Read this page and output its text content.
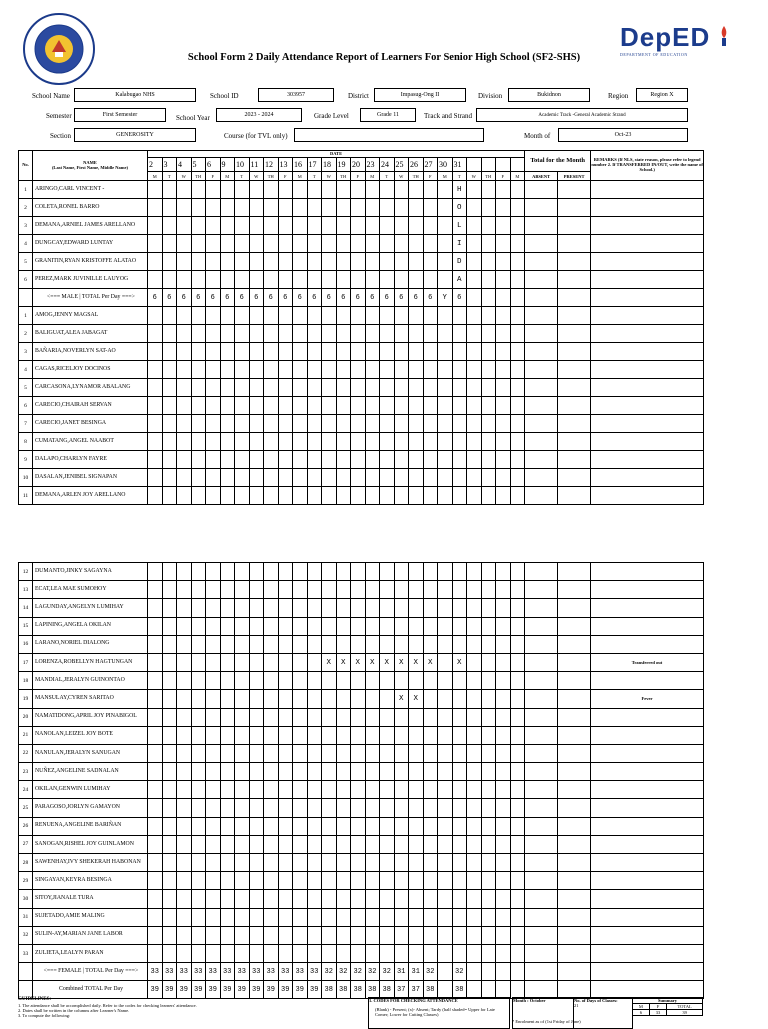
School Form 2 Daily Attendance Report of Learners For Senior High School (SF2-SHS)
DepED
DEPARTMENT OF EDUCATION
School Name	Kalabugao NHS	School ID	303957	District	Impasug-Ong II	Division	Bukidnon	Region	Region X
Semester	First Semester	School Year	2023 - 2024	Grade Level	Grade 11	Track and Strand	Academic Track -General Academic Strand
Section	GENEROSITY	Course (for TVL only)	Month of	Oct-23
No.	NAME
(Last Name, First Name, Middle Name)	DATE																										Total for the Month		REMARKS (If NLS, state reason, please refer to legend number 2. If TRANSFERRED IN/OUT, write the name of School.)
		2	3	4	5	6	9	10	11	12	13	16	17	18	19	20	23	24	25	26	27	30	31							
		M	T	W	TH	F	M	T	W	TH	F	M	T	W	TH	F	M	T	W	TH	F	M	T	W	TH	F	M	ABSENT	PRESENT	
1	ARINGO,CARL VINCENT -																						H							
2	COLETA,RONEL BARRO																						O							
3	DEMANA,ARNIEL JAMES ARELLANO																						L							
4	DUNGCAY,EDWARD LUNTAY																						I							
5	GRANITIN,RYAN KRISTOFFE ALATAO																						D							
6	PEREZ,MARK JUVINILLE LAUYOG																						A							
	<=== MALE | TOTAL Per Day ===>	6	6	6	6	6	6	6	6	6	6	6	6	6	6	6	6	6	6	6	6	Y	6							
1	AMOG,JENNY MAGSAL																													
2	BALIGUAT,ALEA JABAGAT																													
3	BAÑARIA,NOVERLYN SAT-AO																													
4	CAGAS,RICELJOY DOCINOS																													
5	CARCASONA,LYNAMOR ABALANG																													
6	CARECIO,CHAIRAH SERVAN																													
7	CARECIO,JANET BESINGA																													
8	CUMATANG,ANGEL NAABOT																													
9	DALAPO,CHARLYN FAYRE																													
10	DASALAN,JENIBEL SIGNAPAN																													
11	DEMANA,ARLEN JOY ARELLANO																													
12	DUMANTO,JINKY SAGAYNA																													
13	ECAT,LEA MAE SUMOHOY																													
14	LAGUNDAY,ANGELYN LUMIHAY																													
15	LAPINING,ANGELA OKILAN																													
16	LARANO,NORIEL DIALONG																													
17	LORENZA,ROBELLYN HAGTUNGAN													X	X	X	X	X	X	X	X		X							Transferred out
18	MANDIAL,JERALYN GUINONTAO																													
19	MANSULAY,CYREN SARITAO																		X	X										Fever
20	NAMATIDONG,APRIL JOY PINABIGOL																													
21	NANOLAN,LEIZEL JOY BOTE																													
22	NANULAN,JERALYN SANUGAN																													
23	NUÑEZ,ANGELINE SADNALAN																													
24	OKILAN,GENWIN LUMIHAY																													
25	PARAGOSO,JORLYN GAMAYON																													
26	RENUENA,ANGELINE BARIÑAN																													
27	SANOGAN,RISHEL JOY GUINLAMON																													
28	SAWENHAY,IVY SHEKERAH HABONAN																													
29	SINGAYAN,KEYRA BESINGA																													
30	SITOY,JIANALE TURA																													
31	SUJETADO,AMIE MALING																													
32	SULIN-AY,MARIAN JANE LABOR																													
33	ZULIETA,LEALYN PARAN																													
	<=== FEMALE | TOTAL Per Day ===>	33	33	33	33	33	33	33	33	33	33	33	33	32	32	32	32	32	31	31	32		32							
	Combined TOTAL Per Day	39	39	39	39	39	39	39	39	39	39	39	39	38	38	38	38	38	37	37	38		38							
GUIDELINES:
1. The attendance shall be accomplished daily. Refer to the codes for checking learners' attendance.
2. Dates shall be written in the columns after Learner's Name.
3. To compute the following:
1. CODES FOR CHECKING ATTENDANCE
(Blank) - Present; (x)- Absent; Tardy (half shaded= Upper for Late Comer; Lower for Cutting Classes)
Month : October	No. of Days of Classes:
21
Summary		
M	F	TOTAL
6	33	39
* Enrolment as of (1st Friday of June)
